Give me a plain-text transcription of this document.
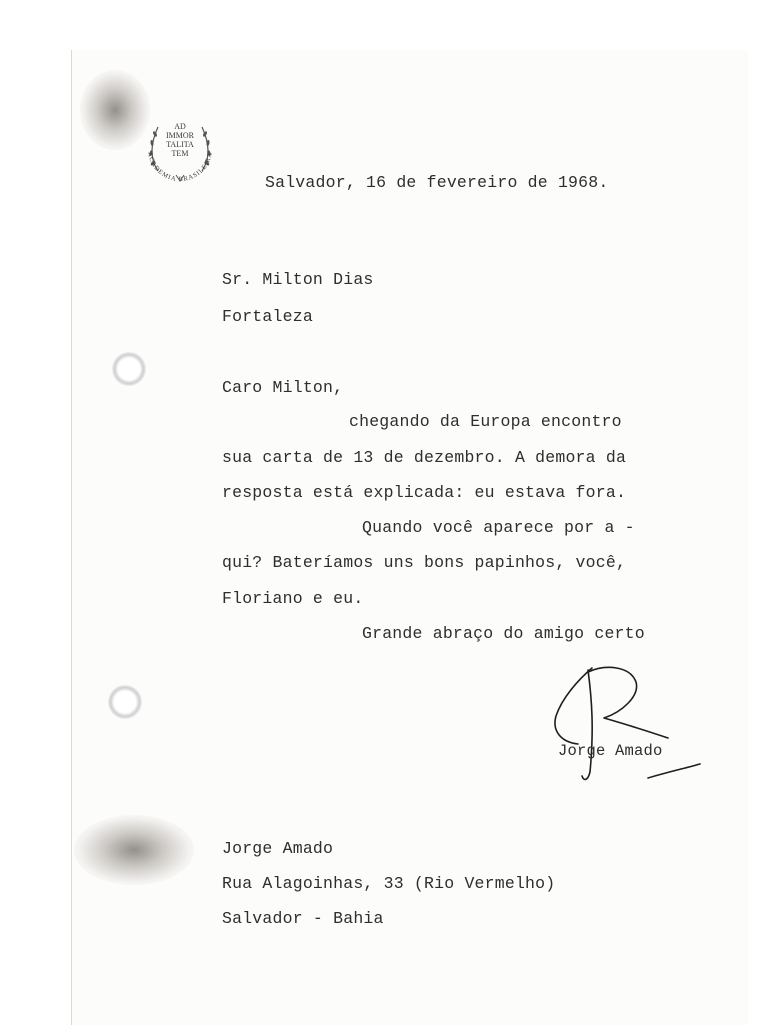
AD
IMMOR
TALITA
TEM
ACADEMIA BRASILEIRA
Salvador, 16 de fevereiro de 1968.
Sr. Milton Dias
Fortaleza
Caro Milton,
chegando da Europa encontro
sua carta de 13 de dezembro. A demora da
resposta está explicada: eu estava fora.
Quando você aparece por a -
qui? Bateríamos uns bons papinhos, você,
Floriano e eu.
Grande abraço do amigo certo
Jorge Amado
Jorge Amado
Rua Alagoinhas, 33 (Rio Vermelho)
Salvador - Bahia
